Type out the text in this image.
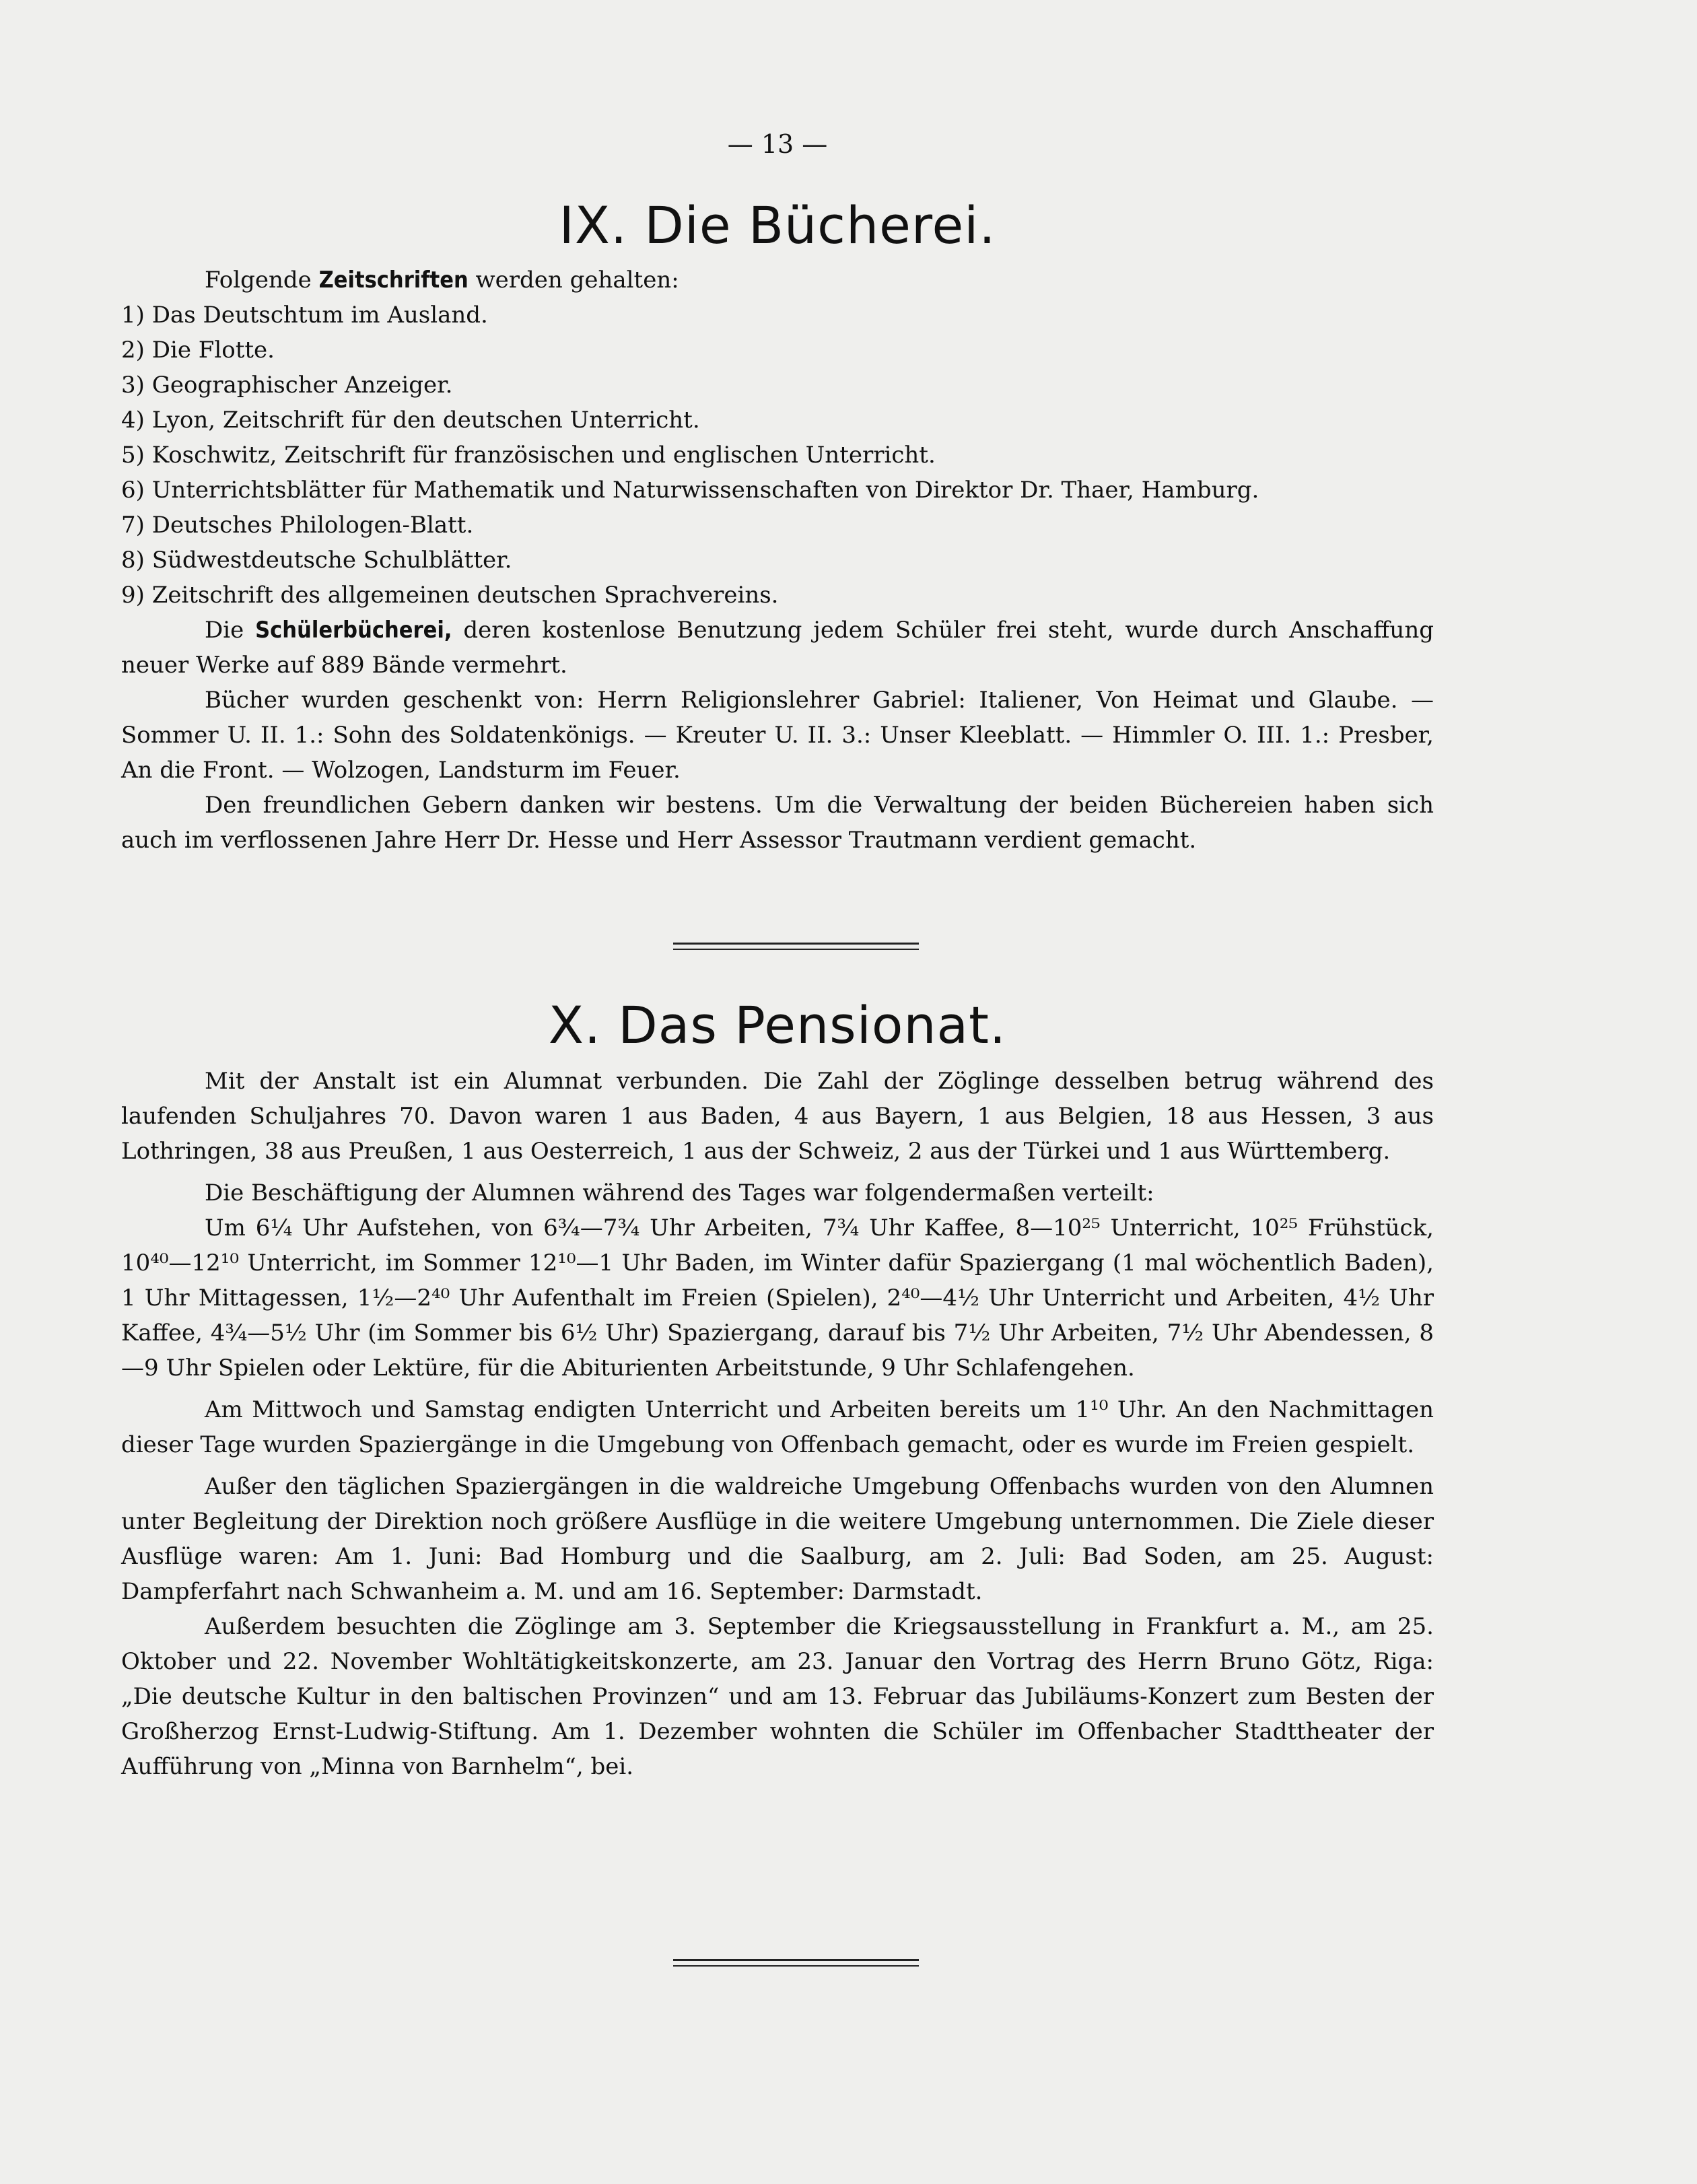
— 13 —
IX. Die Bücherei.

Folgende Zeitschriften werden gehalten:

1) Das Deutschtum im Ausland.
2) Die Flotte.
3) Geographischer Anzeiger.
4) Lyon, Zeitschrift für den deutschen Unterricht.
5) Koschwitz, Zeitschrift für französischen und englischen Unterricht.
6) Unterrichtsblätter für Mathematik und Naturwissenschaften von Direktor Dr. Thaer, Hamburg.
7) Deutsches Philologen-Blatt.
8) Südwestdeutsche Schulblätter.
9) Zeitschrift des allgemeinen deutschen Sprachvereins.

Die Schülerbücherei, deren kostenlose Benutzung jedem Schüler frei steht, wurde durch Anschaffung neuer Werke auf 889 Bände vermehrt.

Bücher wurden geschenkt von: Herrn Religionslehrer Gabriel: Italiener, Von Heimat und Glaube. — Sommer U. II. 1.: Sohn des Soldatenkönigs. — Kreuter U. II. 3.: Unser Kleeblatt. — Himmler O. III. 1.: Presber, An die Front. — Wolzogen, Landsturm im Feuer.

Den freundlichen Gebern danken wir bestens. Um die Verwaltung der beiden Büchereien haben sich auch im verflossenen Jahre Herr Dr. Hesse und Herr Assessor Trautmann verdient gemacht.

X. Das Pensionat.

Mit der Anstalt ist ein Alumnat verbunden. Die Zahl der Zöglinge desselben betrug während des laufenden Schuljahres 70. Davon waren 1 aus Baden, 4 aus Bayern, 1 aus Belgien, 18 aus Hessen, 3 aus Lothringen, 38 aus Preußen, 1 aus Oesterreich, 1 aus der Schweiz, 2 aus der Türkei und 1 aus Württemberg.

Die Beschäftigung der Alumnen während des Tages war folgendermaßen verteilt:

Um 6¼ Uhr Aufstehen, von 6¾—7¾ Uhr Arbeiten, 7¾ Uhr Kaffee, 8—10²⁵ Unterricht, 10²⁵ Frühstück, 10⁴⁰—12¹⁰ Unterricht, im Sommer 12¹⁰—1 Uhr Baden, im Winter dafür Spaziergang (1 mal wöchentlich Baden), 1 Uhr Mittagessen, 1½—2⁴⁰ Uhr Aufenthalt im Freien (Spielen), 2⁴⁰—4½ Uhr Unterricht und Arbeiten, 4½ Uhr Kaffee, 4¾—5½ Uhr (im Sommer bis 6½ Uhr) Spaziergang, darauf bis 7½ Uhr Arbeiten, 7½ Uhr Abendessen, 8—9 Uhr Spielen oder Lektüre, für die Abiturienten Arbeitstunde, 9 Uhr Schlafengehen.

Am Mittwoch und Samstag endigten Unterricht und Arbeiten bereits um 1¹⁰ Uhr. An den Nachmittagen dieser Tage wurden Spaziergänge in die Umgebung von Offenbach gemacht, oder es wurde im Freien gespielt.

Außer den täglichen Spaziergängen in die waldreiche Umgebung Offenbachs wurden von den Alumnen unter Begleitung der Direktion noch größere Ausflüge in die weitere Umgebung unternommen. Die Ziele dieser Ausflüge waren: Am 1. Juni: Bad Homburg und die Saalburg, am 2. Juli: Bad Soden, am 25. August: Dampferfahrt nach Schwanheim a. M. und am 16. September: Darmstadt.

Außerdem besuchten die Zöglinge am 3. September die Kriegsausstellung in Frankfurt a. M., am 25. Oktober und 22. November Wohltätigkeitskonzerte, am 23. Januar den Vortrag des Herrn Bruno Götz, Riga: „Die deutsche Kultur in den baltischen Provinzen“ und am 13. Februar das Jubiläums-Konzert zum Besten der Großherzog Ernst-Ludwig-Stiftung. Am 1. Dezember wohnten die Schüler im Offenbacher Stadttheater der Aufführung von „Minna von Barnhelm“, bei.
